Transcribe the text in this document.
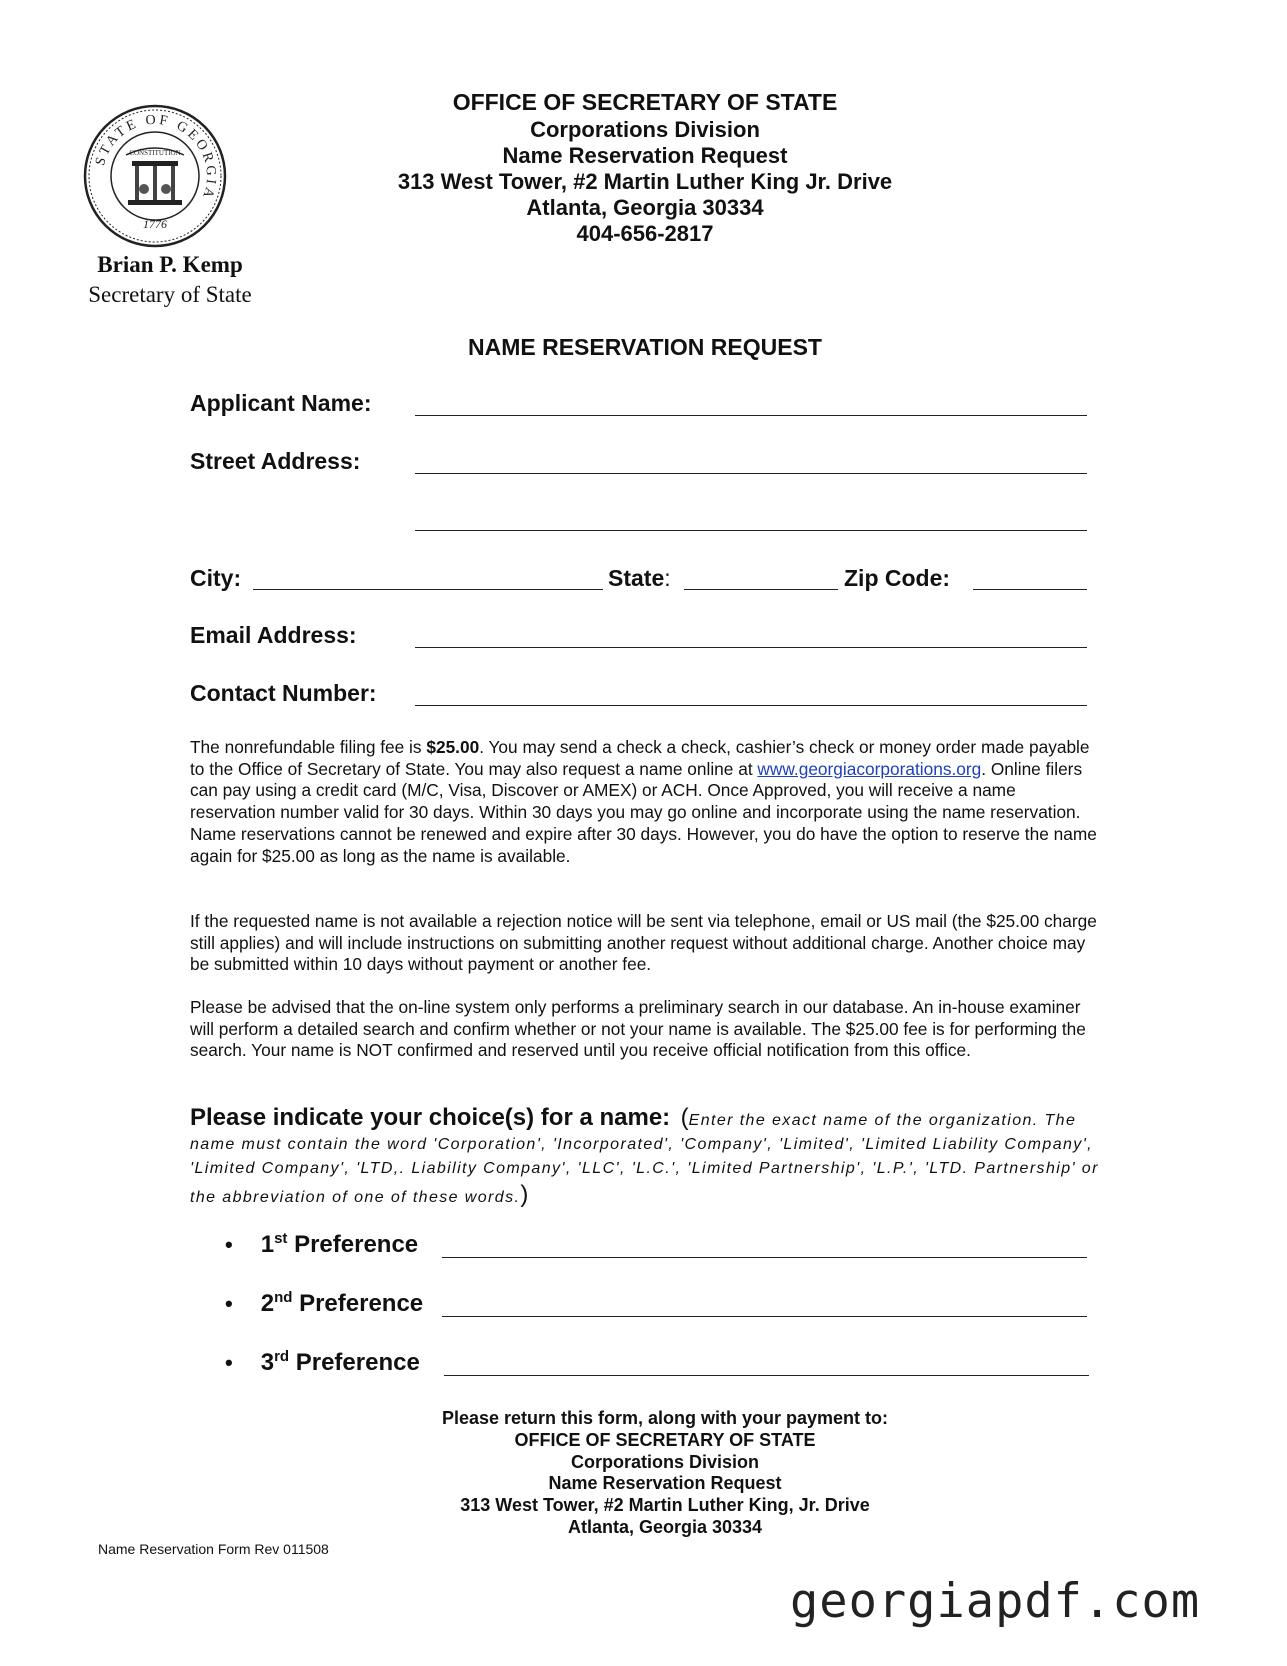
STATE OF GEORGIA
CONSTITUTION
1776
Brian P. Kemp
Secretary of State
OFFICE OF SECRETARY OF STATE
Corporations Division
Name Reservation Request
313 West Tower, #2 Martin Luther King Jr. Drive
Atlanta, Georgia 30334
404-656-2817
NAME RESERVATION REQUEST
Applicant Name:
Street Address:
City:	State:	Zip Code:
Email Address:
Contact Number:
The nonrefundable filing fee is $25.00. You may send a check a check, cashier’s check or money order made payable to the Office of Secretary of State. You may also request a name online at www.georgiacorporations.org. Online filers can pay using a credit card (M/C, Visa, Discover or AMEX) or ACH. Once Approved, you will receive a name reservation number valid for 30 days. Within 30 days you may go online and incorporate using the name reservation. Name reservations cannot be renewed and expire after 30 days. However, you do have the option to reserve the name again for $25.00 as long as the name is available.
If the requested name is not available a rejection notice will be sent via telephone, email or US mail (the $25.00 charge still applies) and will include instructions on submitting another request without additional charge. Another choice may be submitted within 10 days without payment or another fee.
Please be advised that the on-line system only performs a preliminary search in our database. An in-house examiner will perform a detailed search and confirm whether or not your name is available. The $25.00 fee is for performing the search. Your name is NOT confirmed and reserved until you receive official notification from this office.
Please indicate your choice(s) for a name: (Enter the exact name of the organization. The name must contain the word 'Corporation', 'Incorporated', 'Company', 'Limited', 'Limited Liability Company', 'Limited Company', 'LTD,. Liability Company', 'LLC', 'L.C.', 'Limited Partnership', 'L.P.', 'LTD. Partnership' or the abbreviation of one of these words.)
• 1st Preference
• 2nd Preference
• 3rd Preference
Please return this form, along with your payment to:
OFFICE OF SECRETARY OF STATE
Corporations Division
Name Reservation Request
313 West Tower, #2 Martin Luther King, Jr. Drive
Atlanta, Georgia 30334
Name Reservation Form Rev 011508
georgiapdf.com
